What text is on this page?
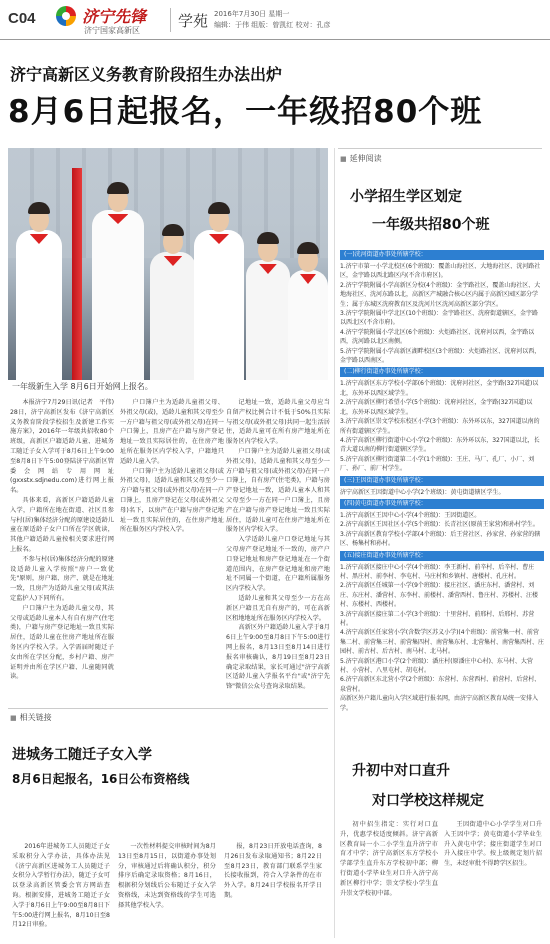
C04	济宁先锋
济宁国家高新区
学苑 2016年7月30日 星期一
编辑：于伟 组版：曾凯红 校对：孔彦
济宁高新区义务教育阶段招生办法出炉
8月6日起报名，一年级招80个班
一年级新生入学 8月6日开始网上报名。

本报济宁7月29日讯(记者　平伟)　28日，济宁高新区发布《济宁高新区义务教育阶段学校招生及新建工作实施方案》，2016年一年级共招收80个班级，高新区户籍适龄儿童、进城务工随迁子女入学可于8月6日上午9:00至8月8日下午5:00登陆济宁高新区管委会网站专用网址(gxxstx.sdjnedu.com)进行网上报名。

具体来看，高新区户籍适龄儿童入学，户籍所在地在街道、社区且参与村(居)集体经济分配的原建设适龄儿童在原适龄子女户口所在学区就读，其他户籍适龄儿童按相关要求进行网上报名。

不参与村(居)集体经济分配的原建设适龄儿童入学按照"房户一致优先"原则，房户籍、房产、就是在地址一致，且房产为适龄儿童父母(或其法定监护人)下同所有。

户口簿户主为适龄儿童父母，其父母或适龄儿童本人有自有房产(住宅类)，户籍与房产登记地址一致且实际居住，适龄儿童在住房产地址所在服务区内学校入学。入学需届时随迁子女由所在学区分配，乡村户籍、房产证明并由所在学区户籍、儿童随同就读。

户口簿户主为适龄儿童祖父母、外祖父母(或)，适龄儿童和其父母至少一方户籍与祖父母(或外祖父母)在同一户口簿上，且房产在户籍与房产登记地址一致且实际居住的，在住房产地址所在服务区内学校入学，户籍地只适龄儿童入学。

户口簿户主为适龄儿童祖父母(或外祖父母)，适龄儿童和其父母至少一方户籍与祖父母(或外祖父母)在同一户口簿上，且房产登记在父母(或外祖父母)名下，以房产在户籍与房产登记地址一致且实际居住的，在住房产地址所在服务区内学校入学。

记地址一致，适龄儿童父母应当自留产权比例合计不低于50%且实际与祖父母(或外祖父母)共同一起生活居住，适龄儿童可在所有房产地址所在服务区内学校入学。

户口簿户主为适龄儿童祖父母(或外祖父母)，适龄儿童和其父母至少一方户籍与祖父母(或外祖父母)在同一户口簿上，自有房产(住宅类)，户籍与房产登记地址一致，适龄儿童本人和其父母至少一方在同一户口簿上，且房产在户籍与房产登记地址一致且实际居住，适龄儿童可在住房产地址所在服务区内学校入学。

入学适龄儿童户口登记地址与其父母房产登记地址不一致的，房产户口登记地址和房产登记地址在一个街道范围内，在房产登记地址和房产地址不同属一个街道，在户籍所属服务区内学校入学。

适龄儿童和其父母至少一方在高新区户籍且无自有房产的，可在高新区租地地址所在服务区内学校入学。

高新区外户籍适龄儿童入学于8月6日上午9:00至8月8日下午5:00进行网上报名，8月13日至8月14日进行报名审核确认，8月19日至8月23日确定录取结果，家长可通过"济宁高新区适龄儿童入学报名平台"或"济宁先锋"微信公众号查询录取结果。

■ 延伸阅读
小学招生学区划定
一年级共招80个班
(一)洸河街道办事处所辖学校：

1.济宁市第一小学北校区(6个班级)：覆盖山海社区、大地海社区、洸河路社区，金宇路以西北路区内(不含市府区)。

2.济宁学院附属小学高新区分校(4个班级)：金宇路社区，覆盖山海社区、大地海社区、洸河东路以北，高新区产城融合核心区内属于高新区园区部分学生；属于东城区洸府教育区及洸河片区洸河高新区部分学区。

3.济宁学院附属中学北区(10个班级)：金宇路社区、洸府街道辖区，金宇路以西北区(不含市府)。

4.济宁学院附属小学北区(6个班级)：火炬路社区、洸府河以西，金宇路以西，洸河路以北区南侧。

5.济宁学院附属小学高新区湖畔校区(3个班级)：火炬路社区、洸府河以西，金宇路以西南区。

(二)柳行街道办事处所辖学校：

1.济宁高新区东方学校小学部(6个班级)：洸府河社区，金宇路(327国道)以北，东外环以西区域学生。

2.济宁高新区柳行希望小学(5个班级)：洸府河社区，金宇路(327国道)以北，东外环以西区域学生。

3.济宁高新区崇文学校东校区小学(3个班级)：东外环以东，327国道以南的所有街道辖区学生。

4.济宁高新区柳行街道中心小学(2个班级)：东外环以东，327国道以北，长青大道以南的柳行街道辖区学生。

5.济宁高新区柳行街道第二小学(1个班级)：王庄、马厂、孔厂、小厂、刘厂、孙厂、前厂村学生。

(三)王因街道办事处所辖学校：

济宁高新区王因街道中心小学(2个班级)：黄屯街道辖区学生。

(四)黄屯街道办事处所辖学校：

1.济宁高新区王因中心小学(4个班级)：王因街道区。

2.济宁高新区王因社区小学(5个班级)：长青社区(原前王家营)和孙村学生。

3.济宁高新区教育学校小学部(4个班级)：后王营社区、孙家营、孙家营的辖区、杨集村和孙村。

(五)接庄街道办事处所辖学校：

1.济宁高新区接庄中心小学(4个班级)：李王新村、前辛村、后辛村、曹庄村、黑庄村、前李村、李屯村、马庄村和乡镇村、唐楼村、孔庄村。

2.济宁高新区任城第一小学(9个班级)：接庄社区、潘庄东村、潘营村、刘庄、东庄村、潘营村、东李村、前楼村、潘营西村、鲁庄村、苏楼村、汪楼村、东楼村、西楼村。

3.济宁高新区接庄第二小学(3个班级)：十里营村、前邢村、后邢村、苏营村。

4.济宁高新区任家营小学(含数学区苏义小学)(4个班级)：前营集一村、前营集二村、前营集三村、前营集四村、南营集东村、北营集村、南营集西村、庄园村、前古村、后古村、南马村、北马村。

5.济宁高新区港口小学(2个班级)：潘庄村(原潘庄中心村)、东马村、大营村、小营村、八里屯村、胡屯村。

6.济宁高新区东北营小学(2个班级)：东营村、东营西村、前营村、后营村、泉营村。

高新区外户籍儿童向入学区域进行报名网，由济宁高新区教育局统一安排入学。

■ 相关链接
进城务工随迁子女入学
8月6日起报名，16日公布资格线

2016年进城务工人员随迁子女采取积分入学办法，具体办法见《济宁高新区进城务工人员随迁子女积分入学暂行办法》，随迁子女可以登录高新区管委会官方网站查询。根据安排，进城务工随迁子女入学于8月6日上午9:00至8月8日下午5:00进行网上报名，8月10日至8月12日审验。

一次性材料提交审核时间为8月13日至8月15日，以街道办事处划分，审核通过后将确认积分，积分排序后确定录取资格；8月16日，根据积分划线后公布随迁子女入学资格线，未达到资格线的学生可选择其他学校入学。

报，8月23日开放电话查询，8月26日发布录取通知书；8月22日至8月23日，教育部门联系学生家长接收报到，符合入学条件的在市外入学。8月24日学校报名开学日期。

升初中对口直升
对口学校这样规定

初中招生指定：实行对口直升，优惠学校适度倾斜。济宁高新区教育局一小二小学生直升济宁市育才中学；济宁高新区东方学校小学部学生直升东方学校初中部；柳行街道小学毕业生对口升入济宁高新区柳行中学；崇文学校小学生直升崇文学校初中部。

王因街道中心小学学生对口升入王因中学；黄屯街道小学毕业生升入黄屯中学；接庄街道学生对口升入接庄中学。按上级规定划片招生，未经审批不得跨学区招生。
